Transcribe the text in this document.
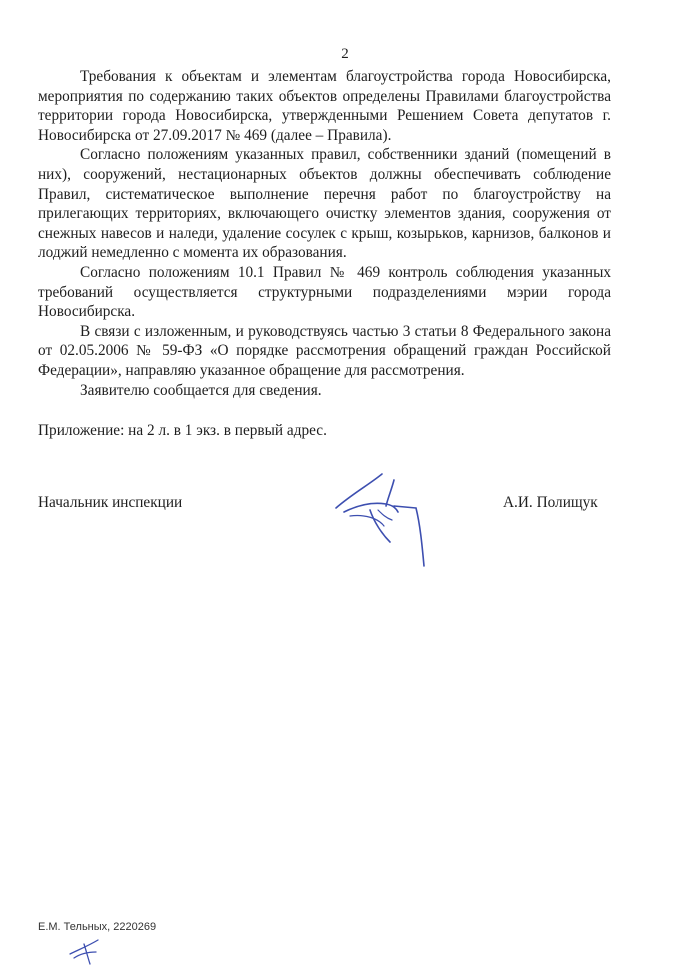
2

Требования к объектам и элементам благоустройства города Новосибирска, мероприятия по содержанию таких объектов определены Правилами благоустройства территории города Новосибирска, утвержденными Решением Совета депутатов г. Новосибирска от 27.09.2017 № 469 (далее – Правила).

Согласно положениям указанных правил, собственники зданий (помещений в них), сооружений, нестационарных объектов должны обеспечивать соблюдение Правил, систематическое выполнение перечня работ по благоустройству на прилегающих территориях, включающего очистку элементов здания, сооружения от снежных навесов и наледи, удаление сосулек с крыш, козырьков, карнизов, балконов и лоджий немедленно с момента их образования.

Согласно положениям 10.1 Правил № 469 контроль соблюдения указанных требований осуществляется структурными подразделениями мэрии города Новосибирска.

В связи с изложенным, и руководствуясь частью 3 статьи 8 Федерального закона от 02.05.2006 № 59-ФЗ «О порядке рассмотрения обращений граждан Российской Федерации», направляю указанное обращение для рассмотрения.

Заявителю сообщается для сведения.

Приложение: на 2 л. в 1 экз. в первый адрес.
Начальник инспекции	А.И. Полищук
Е.М. Тельных, 2220269
